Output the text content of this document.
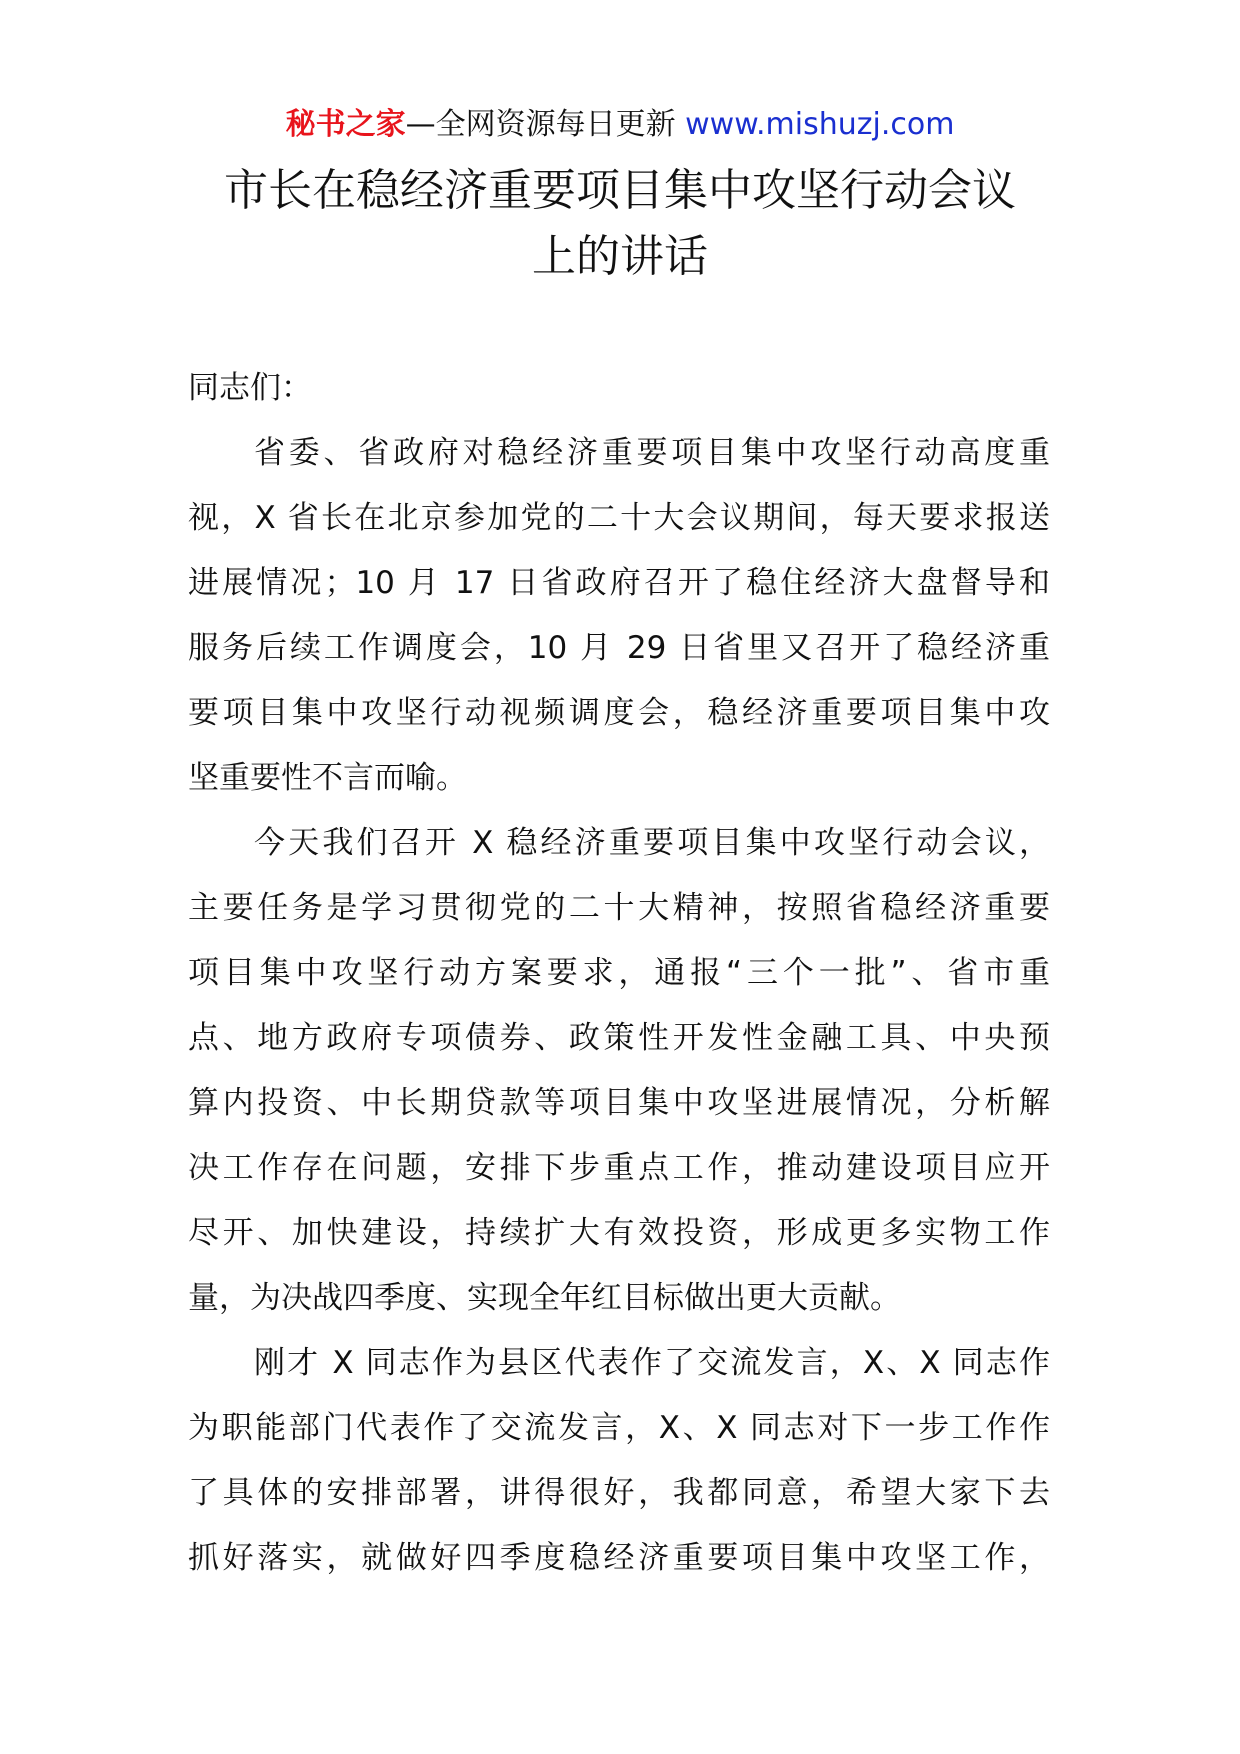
秘书之家—全网资源每日更新 www.mishuzj.com
市长在稳经济重要项目集中攻坚行动会议
上的讲话

同志们：

省委、省政府对稳经济重要项目集中攻坚行动高度重
视，X 省长在北京参加党的二十大会议期间，每天要求报送
进展情况；10 月 17 日省政府召开了稳住经济大盘督导和
服务后续工作调度会，10 月 29 日省里又召开了稳经济重
要项目集中攻坚行动视频调度会，稳经济重要项目集中攻
坚重要性不言而喻。

今天我们召开 X 稳经济重要项目集中攻坚行动会议，
主要任务是学习贯彻党的二十大精神，按照省稳经济重要
项目集中攻坚行动方案要求，通报“三个一批”、省市重
点、地方政府专项债券、政策性开发性金融工具、中央预
算内投资、中长期贷款等项目集中攻坚进展情况，分析解
决工作存在问题，安排下步重点工作，推动建设项目应开
尽开、加快建设，持续扩大有效投资，形成更多实物工作
量，为决战四季度、实现全年红目标做出更大贡献。

刚才 X 同志作为县区代表作了交流发言，X、X 同志作
为职能部门代表作了交流发言，X、X 同志对下一步工作作
了具体的安排部署，讲得很好，我都同意，希望大家下去
抓好落实，就做好四季度稳经济重要项目集中攻坚工作，
